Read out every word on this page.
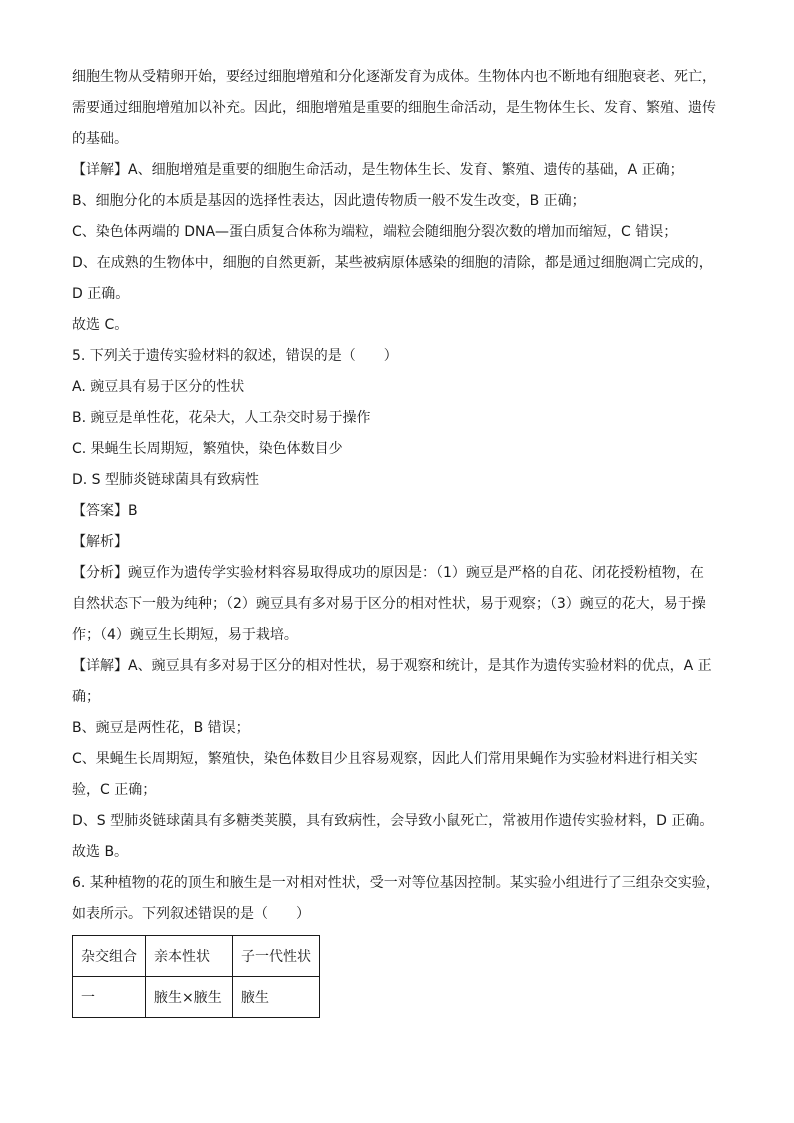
细胞生物从受精卵开始，要经过细胞增殖和分化逐渐发育为成体。生物体内也不断地有细胞衰老、死亡，
需要通过细胞增殖加以补充。因此，细胞增殖是重要的细胞生命活动，是生物体生长、发育、繁殖、遗传
的基础。
【详解】A、细胞增殖是重要的细胞生命活动，是生物体生长、发育、繁殖、遗传的基础，A 正确；
B、细胞分化的本质是基因的选择性表达，因此遗传物质一般不发生改变，B 正确；
C、染色体两端的 DNA—蛋白质复合体称为端粒，端粒会随细胞分裂次数的增加而缩短，C 错误；
D、在成熟的生物体中，细胞的自然更新，某些被病原体感染的细胞的清除，都是通过细胞凋亡完成的，
D 正确。
故选 C。
5. 下列关于遗传实验材料的叙述，错误的是（　　）
A. 豌豆具有易于区分的性状
B. 豌豆是单性花，花朵大，人工杂交时易于操作
C. 果蝇生长周期短，繁殖快，染色体数目少
D. S 型肺炎链球菌具有致病性
【答案】B
【解析】
【分析】豌豆作为遗传学实验材料容易取得成功的原因是：（1）豌豆是严格的自花、闭花授粉植物，在
自然状态下一般为纯种；（2）豌豆具有多对易于区分的相对性状，易于观察；（3）豌豆的花大，易于操
作；（4）豌豆生长期短，易于栽培。
【详解】A、豌豆具有多对易于区分的相对性状，易于观察和统计，是其作为遗传实验材料的优点，A 正
确；
B、豌豆是两性花，B 错误；
C、果蝇生长周期短，繁殖快，染色体数目少且容易观察，因此人们常用果蝇作为实验材料进行相关实
验，C 正确；
D、S 型肺炎链球菌具有多糖类荚膜，具有致病性，会导致小鼠死亡，常被用作遗传实验材料，D 正确。
故选 B。
6. 某种植物的花的顶生和腋生是一对相对性状，受一对等位基因控制。某实验小组进行了三组杂交实验，
如表所示。下列叙述错误的是（　　）
杂交组合	亲本性状	子一代性状
一	腋生×腋生	腋生
